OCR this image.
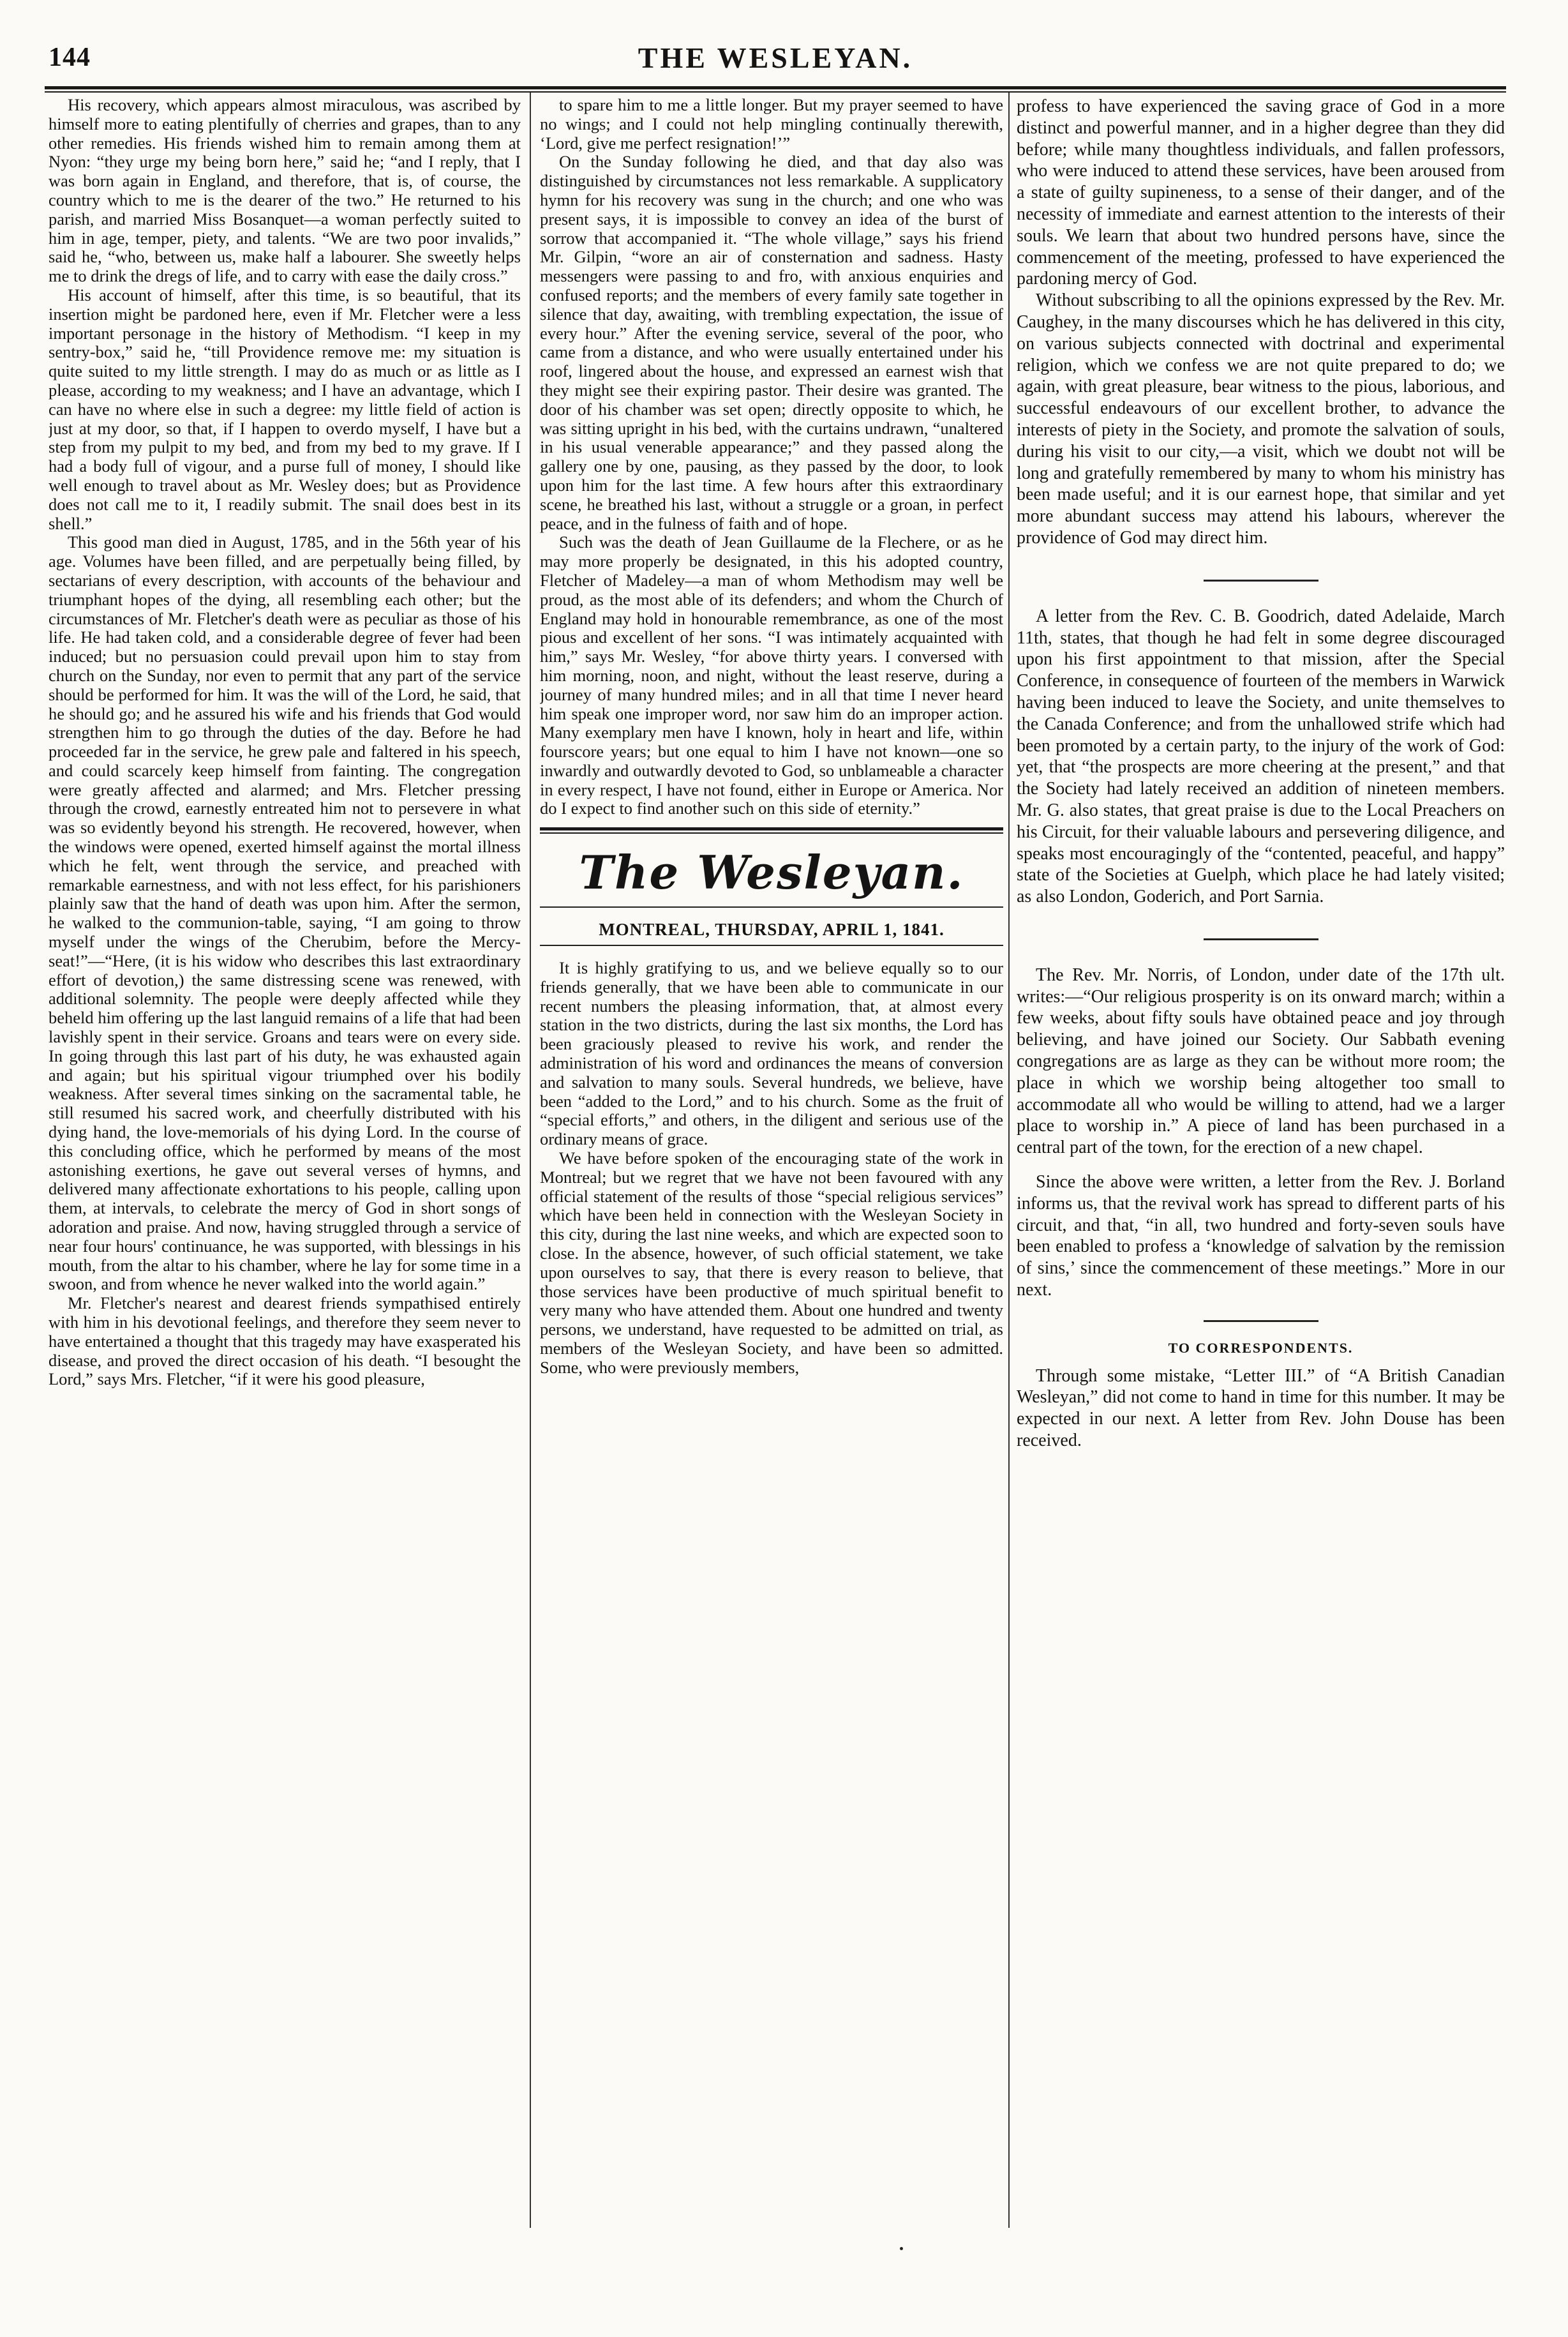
144	THE WESLEYAN.

His recovery, which appears almost miraculous, was ascribed by himself more to eating plentifully of cherries and grapes, than to any other remedies. His friends wished him to remain among them at Nyon: “they urge my being born here,” said he; “and I reply, that I was born again in England, and therefore, that is, of course, the country which to me is the dearer of the two.” He returned to his parish, and married Miss Bosanquet—a woman perfectly suited to him in age, temper, piety, and talents. “We are two poor invalids,” said he, “who, between us, make half a labourer. She sweetly helps me to drink the dregs of life, and to carry with ease the daily cross.”

His account of himself, after this time, is so beautiful, that its insertion might be pardoned here, even if Mr. Fletcher were a less important personage in the history of Methodism. “I keep in my sentry-box,” said he, “till Providence remove me: my situation is quite suited to my little strength. I may do as much or as little as I please, according to my weakness; and I have an advantage, which I can have no where else in such a degree: my little field of action is just at my door, so that, if I happen to overdo myself, I have but a step from my pulpit to my bed, and from my bed to my grave. If I had a body full of vigour, and a purse full of money, I should like well enough to travel about as Mr. Wesley does; but as Providence does not call me to it, I readily submit. The snail does best in its shell.”

This good man died in August, 1785, and in the 56th year of his age. Volumes have been filled, and are perpetually being filled, by sectarians of every description, with accounts of the behaviour and triumphant hopes of the dying, all resembling each other; but the circumstances of Mr. Fletcher's death were as peculiar as those of his life. He had taken cold, and a considerable degree of fever had been induced; but no persuasion could prevail upon him to stay from church on the Sunday, nor even to permit that any part of the service should be performed for him. It was the will of the Lord, he said, that he should go; and he assured his wife and his friends that God would strengthen him to go through the duties of the day. Before he had proceeded far in the service, he grew pale and faltered in his speech, and could scarcely keep himself from fainting. The congregation were greatly affected and alarmed; and Mrs. Fletcher pressing through the crowd, earnestly entreated him not to persevere in what was so evidently beyond his strength. He recovered, however, when the windows were opened, exerted himself against the mortal illness which he felt, went through the service, and preached with remarkable earnestness, and with not less effect, for his parishioners plainly saw that the hand of death was upon him. After the sermon, he walked to the communion-table, saying, “I am going to throw myself under the wings of the Cherubim, before the Mercy-seat!”—“Here, (it is his widow who describes this last extraordinary effort of devotion,) the same distressing scene was renewed, with additional solemnity. The people were deeply affected while they beheld him offering up the last languid remains of a life that had been lavishly spent in their service. Groans and tears were on every side. In going through this last part of his duty, he was exhausted again and again; but his spiritual vigour triumphed over his bodily weakness. After several times sinking on the sacramental table, he still resumed his sacred work, and cheerfully distributed with his dying hand, the love-memorials of his dying Lord. In the course of this concluding office, which he performed by means of the most astonishing exertions, he gave out several verses of hymns, and delivered many affectionate exhortations to his people, calling upon them, at intervals, to celebrate the mercy of God in short songs of adoration and praise. And now, having struggled through a service of near four hours' continuance, he was supported, with blessings in his mouth, from the altar to his chamber, where he lay for some time in a swoon, and from whence he never walked into the world again.”

Mr. Fletcher's nearest and dearest friends sympathised entirely with him in his devotional feelings, and therefore they seem never to have entertained a thought that this tragedy may have exasperated his disease, and proved the direct occasion of his death. “I besought the Lord,” says Mrs. Fletcher, “if it were his good pleasure,

to spare him to me a little longer. But my prayer seemed to have no wings; and I could not help mingling continually therewith, ‘Lord, give me perfect resignation!’”

On the Sunday following he died, and that day also was distinguished by circumstances not less remarkable. A supplicatory hymn for his recovery was sung in the church; and one who was present says, it is impossible to convey an idea of the burst of sorrow that accompanied it. “The whole village,” says his friend Mr. Gilpin, “wore an air of consternation and sadness. Hasty messengers were passing to and fro, with anxious enquiries and confused reports; and the members of every family sate together in silence that day, awaiting, with trembling expectation, the issue of every hour.” After the evening service, several of the poor, who came from a distance, and who were usually entertained under his roof, lingered about the house, and expressed an earnest wish that they might see their expiring pastor. Their desire was granted. The door of his chamber was set open; directly opposite to which, he was sitting upright in his bed, with the curtains undrawn, “unaltered in his usual venerable appearance;” and they passed along the gallery one by one, pausing, as they passed by the door, to look upon him for the last time. A few hours after this extraordinary scene, he breathed his last, without a struggle or a groan, in perfect peace, and in the fulness of faith and of hope.

Such was the death of Jean Guillaume de la Flechere, or as he may more properly be designated, in this his adopted country, Fletcher of Madeley—a man of whom Methodism may well be proud, as the most able of its defenders; and whom the Church of England may hold in honourable remembrance, as one of the most pious and excellent of her sons. “I was intimately acquainted with him,” says Mr. Wesley, “for above thirty years. I conversed with him morning, noon, and night, without the least reserve, during a journey of many hundred miles; and in all that time I never heard him speak one improper word, nor saw him do an improper action. Many exemplary men have I known, holy in heart and life, within fourscore years; but one equal to him I have not known—one so inwardly and outwardly devoted to God, so unblameable a character in every respect, I have not found, either in Europe or America. Nor do I expect to find another such on this side of eternity.”

The Wesleyan.
MONTREAL, THURSDAY, APRIL 1, 1841.

It is highly gratifying to us, and we believe equally so to our friends generally, that we have been able to communicate in our recent numbers the pleasing information, that, at almost every station in the two districts, during the last six months, the Lord has been graciously pleased to revive his work, and render the administration of his word and ordinances the means of conversion and salvation to many souls. Several hundreds, we believe, have been “added to the Lord,” and to his church. Some as the fruit of “special efforts,” and others, in the diligent and serious use of the ordinary means of grace.

We have before spoken of the encouraging state of the work in Montreal; but we regret that we have not been favoured with any official statement of the results of those “special religious services” which have been held in connection with the Wesleyan Society in this city, during the last nine weeks, and which are expected soon to close. In the absence, however, of such official statement, we take upon ourselves to say, that there is every reason to believe, that those services have been productive of much spiritual benefit to very many who have attended them. About one hundred and twenty persons, we understand, have requested to be admitted on trial, as members of the Wesleyan Society, and have been so admitted. Some, who were previously members,

profess to have experienced the saving grace of God in a more distinct and powerful manner, and in a higher degree than they did before; while many thoughtless individuals, and fallen professors, who were induced to attend these services, have been aroused from a state of guilty supineness, to a sense of their danger, and of the necessity of immediate and earnest attention to the interests of their souls. We learn that about two hundred persons have, since the commencement of the meeting, professed to have experienced the pardoning mercy of God.

Without subscribing to all the opinions expressed by the Rev. Mr. Caughey, in the many discourses which he has delivered in this city, on various subjects connected with doctrinal and experimental religion, which we confess we are not quite prepared to do; we again, with great pleasure, bear witness to the pious, laborious, and successful endeavours of our excellent brother, to advance the interests of piety in the Society, and promote the salvation of souls, during his visit to our city,—a visit, which we doubt not will be long and gratefully remembered by many to whom his ministry has been made useful; and it is our earnest hope, that similar and yet more abundant success may attend his labours, wherever the providence of God may direct him.

A letter from the Rev. C. B. Goodrich, dated Adelaide, March 11th, states, that though he had felt in some degree discouraged upon his first appointment to that mission, after the Special Conference, in consequence of fourteen of the members in Warwick having been induced to leave the Society, and unite themselves to the Canada Conference; and from the unhallowed strife which had been promoted by a certain party, to the injury of the work of God: yet, that “the prospects are more cheering at the present,” and that the Society had lately received an addition of nineteen members. Mr. G. also states, that great praise is due to the Local Preachers on his Circuit, for their valuable labours and persevering diligence, and speaks most encouragingly of the “contented, peaceful, and happy” state of the Societies at Guelph, which place he had lately visited; as also London, Goderich, and Port Sarnia.

The Rev. Mr. Norris, of London, under date of the 17th ult. writes:—“Our religious prosperity is on its onward march; within a few weeks, about fifty souls have obtained peace and joy through believing, and have joined our Society. Our Sabbath evening congregations are as large as they can be without more room; the place in which we worship being altogether too small to accommodate all who would be willing to attend, had we a larger place to worship in.” A piece of land has been purchased in a central part of the town, for the erection of a new chapel.

Since the above were written, a letter from the Rev. J. Borland informs us, that the revival work has spread to different parts of his circuit, and that, “in all, two hundred and forty-seven souls have been enabled to profess a ‘knowledge of salvation by the remission of sins,’ since the commencement of these meetings.” More in our next.

TO CORRESPONDENTS.

Through some mistake, “Letter III.” of “A British Canadian Wesleyan,” did not come to hand in time for this number. It may be expected in our next. A letter from Rev. John Douse has been received.
